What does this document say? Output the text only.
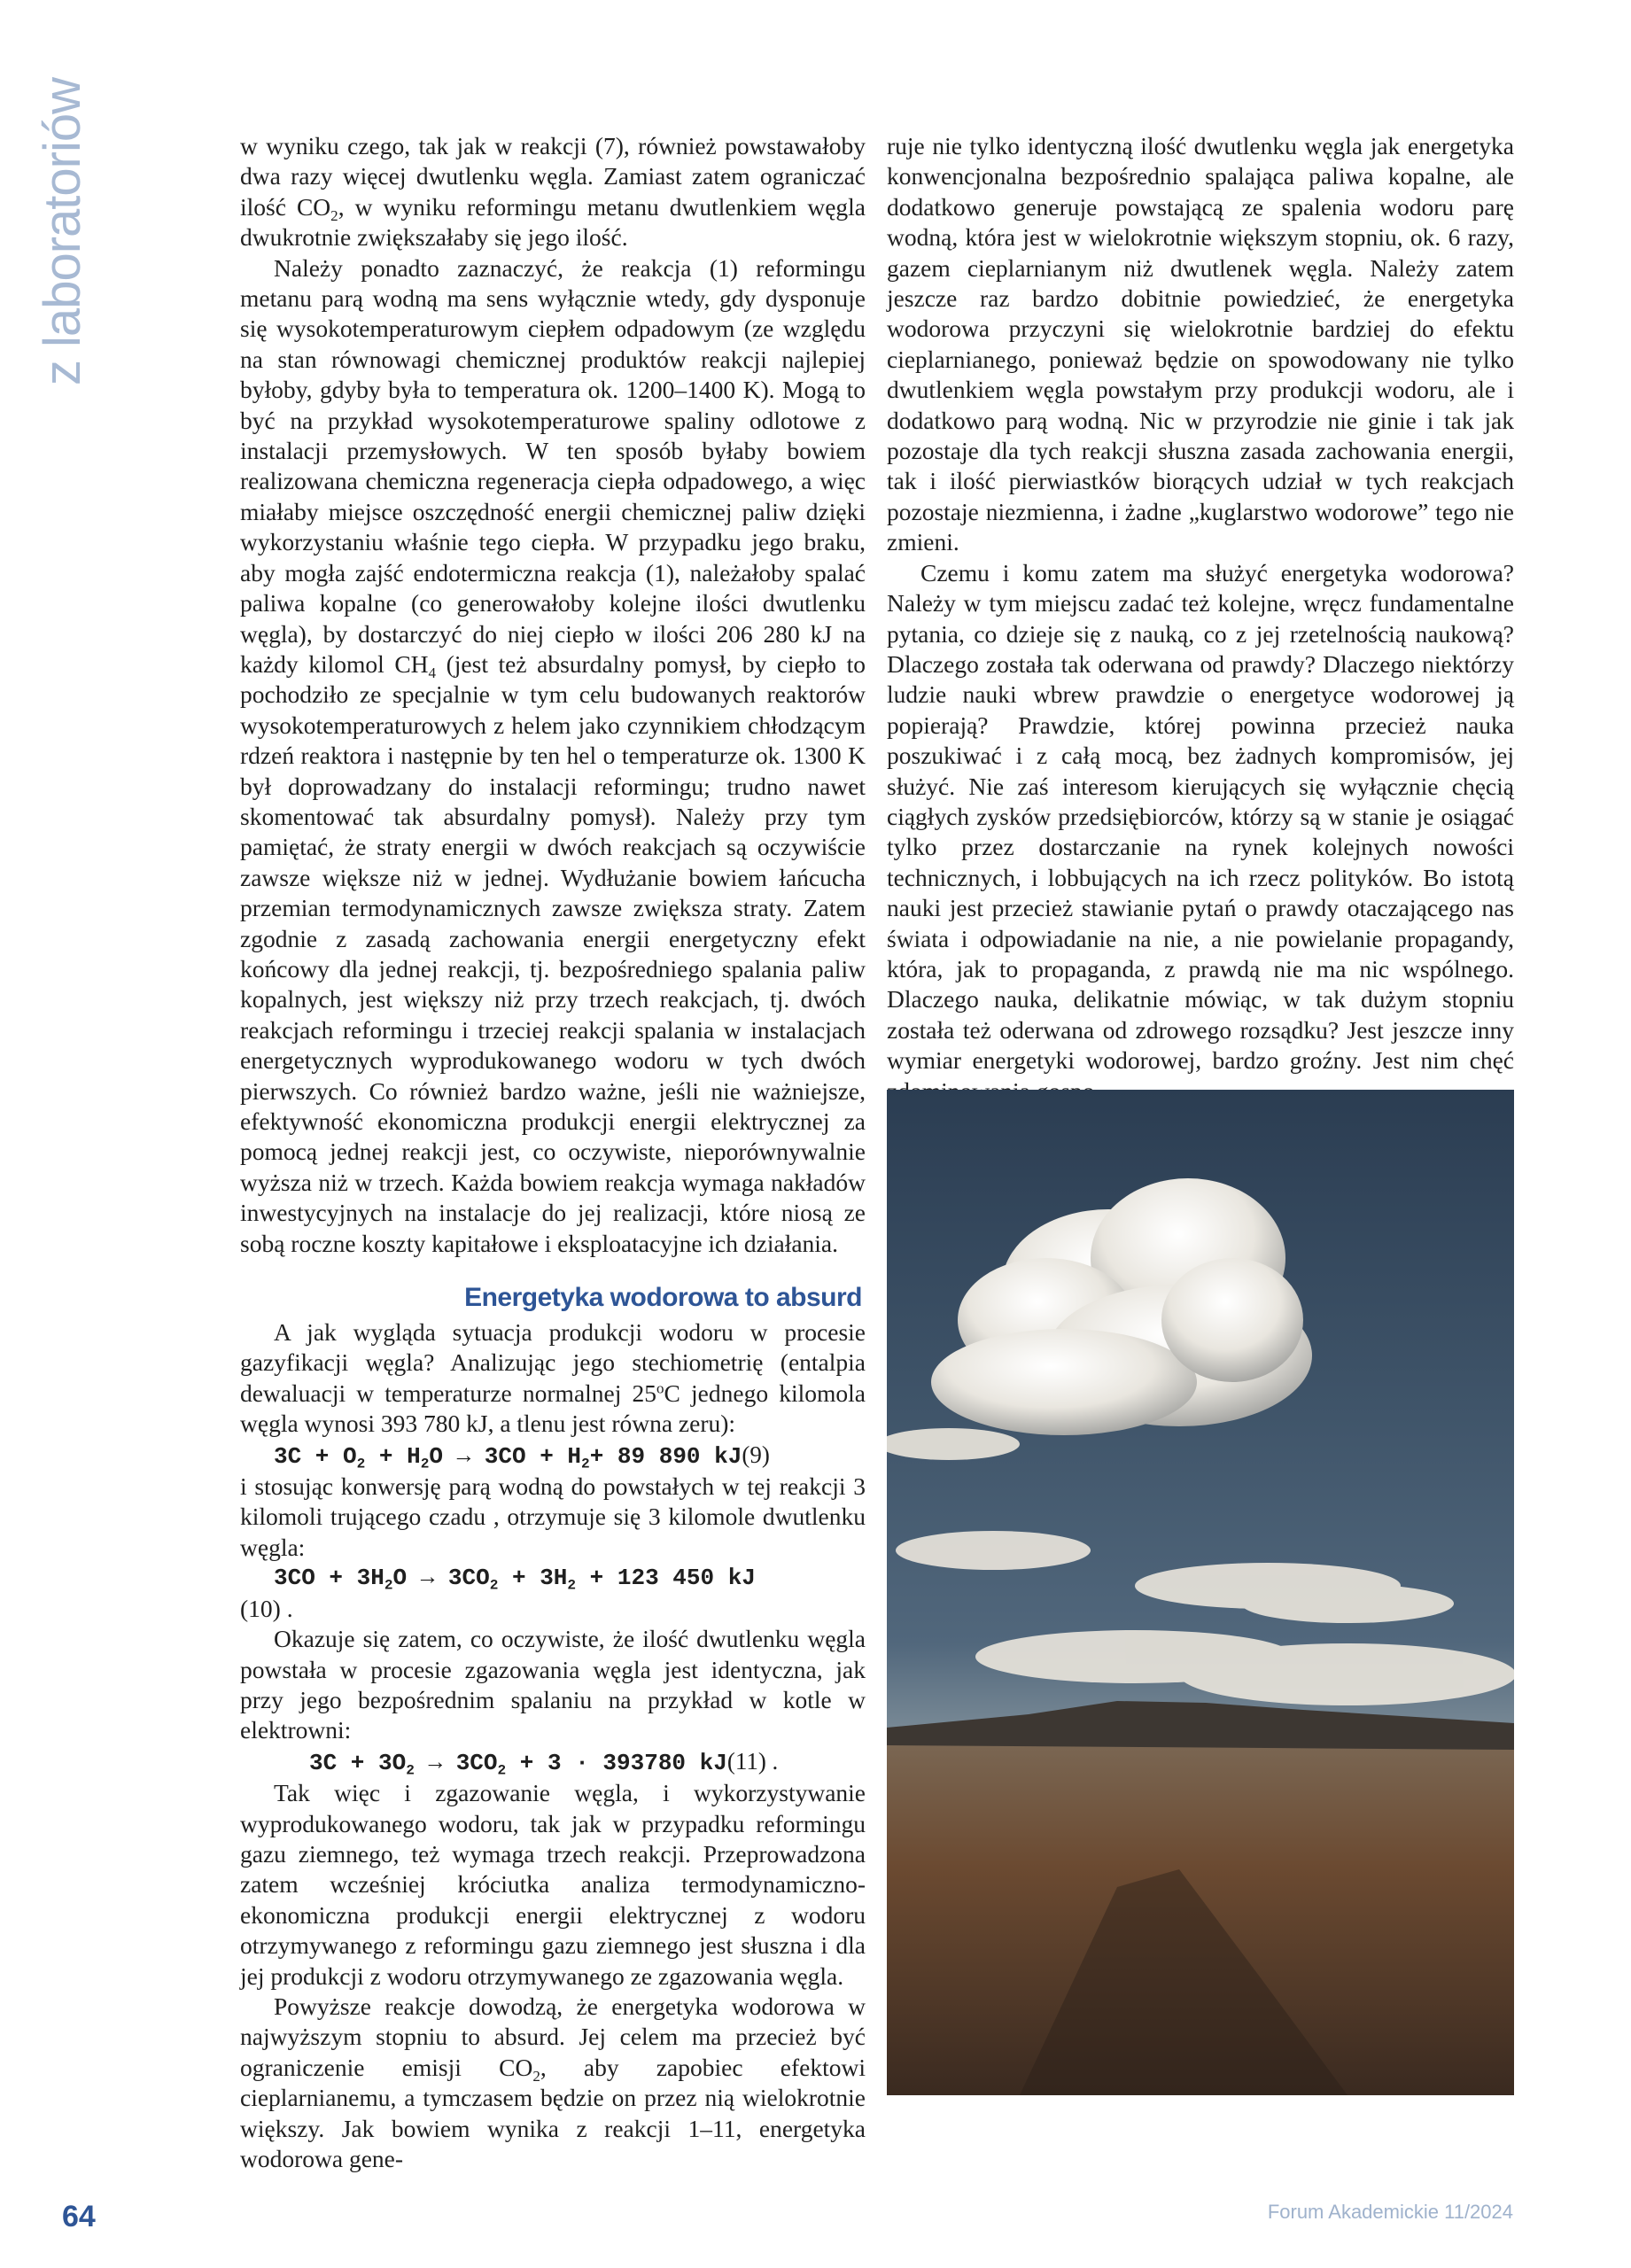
z laboratoriów	w wyniku czego, tak jak w reakcji (7), również powstawałoby dwa razy więcej dwutlenku węgla. Zamiast zatem ograniczać ilość $CO_2$, w wyniku reformingu metanu dwutlenkiem węgla dwukrotnie zwiększałaby się jego ilość.

Należy ponadto zaznaczyć, że reakcja (1) reformingu metanu parą wodną ma sens wyłącznie wtedy, gdy dysponuje się wysokotemperaturowym ciepłem odpadowym (ze względu na stan równowagi chemicznej produktów reakcji najlepiej byłoby, gdyby była to temperatura ok. 1200–1400 K). Mogą to być na przykład wysokotemperaturowe spaliny odlotowe z instalacji przemysłowych. W ten sposób byłaby bowiem realizowana chemiczna regeneracja ciepła odpadowego, a więc miałaby miejsce oszczędność energii chemicznej paliw dzięki wykorzystaniu właśnie tego ciepła. W przypadku jego braku, aby mogła zajść endotermiczna reakcja (1), należałoby spalać paliwa kopalne (co generowałoby kolejne ilości dwutlenku węgla), by dostarczyć do niej ciepło w ilości 206 280 kJ na każdy kilomol $CH_4$ (jest też absurdalny pomysł, by ciepło to pochodziło ze specjalnie w tym celu budowanych reaktorów wysokotemperaturowych z helem jako czynnikiem chłodzącym rdzeń reaktora i następnie by ten hel o temperaturze ok. 1300 K był doprowadzany do instalacji reformingu; trudno nawet skomentować tak absurdalny pomysł). Należy przy tym pamiętać, że straty energii w dwóch reakcjach są oczywiście zawsze większe niż w jednej. Wydłużanie bowiem łańcucha przemian termodynamicznych zawsze zwiększa straty. Zatem zgodnie z zasadą zachowania energii energetyczny efekt końcowy dla jednej reakcji, tj. bezpośredniego spalania paliw kopalnych, jest większy niż przy trzech reakcjach, tj. dwóch reakcjach reformingu i trzeciej reakcji spalania w instalacjach energetycznych wyprodukowanego wodoru w tych dwóch pierwszych. Co również bardzo ważne, jeśli nie ważniejsze, efektywność ekonomiczna produkcji energii elektrycznej za pomocą jednej reakcji jest, co oczywiste, nieporównywalnie wyższa niż w trzech. Każda bowiem reakcja wymaga nakładów inwestycyjnych na instalacje do jej realizacji, które niosą ze sobą roczne koszty kapitałowe i eksploatacyjne ich działania.

Energetyka wodorowa to absurd

A jak wygląda sytuacja produkcji wodoru w procesie gazyfikacji węgla? Analizując jego stechiometrię (entalpia dewaluacji w temperaturze normalnej 25$^o$C jednego kilomola węgla wynosi 393 780 kJ, a tlenu jest równa zeru):

$3C + O_2 + H_2O \to 3CO + H_2+ 89$ 890 kJ(9)

i stosując konwersję parą wodną do powstałych w tej reakcji 3 kilomoli trującego czadu , otrzymuje się 3 kilomole dwutlenku węgla:

$3CO + 3H_2O \to 3CO_2 + 3H_2 + 123$ 450 kJ

(10) .

Okazuje się zatem, co oczywiste, że ilość dwutlenku węgla powstała w procesie zgazowania węgla jest identyczna, jak przy jego bezpośrednim spalaniu na przykład w kotle w elektrowni:

$3C + 3O_2 \to 3CO_2 + 3 \cdot 393780$ kJ(11) .

Tak więc i zgazowanie węgla, i wykorzystywanie wyprodukowanego wodoru, tak jak w przypadku reformingu gazu ziemnego, też wymaga trzech reakcji. Przeprowadzona zatem wcześniej króciutka analiza termodynamiczno-ekonomiczna produkcji energii elektrycznej z wodoru otrzymywanego z reformingu gazu ziemnego jest słuszna i dla jej produkcji z wodoru otrzymywanego ze zgazowania węgla.

Powyższe reakcje dowodzą, że energetyka wodorowa w najwyższym stopniu to absurd. Jej celem ma przecież być ograniczenie emisji $CO_2$, aby zapobiec efektowi cieplarnianemu, a tymczasem będzie on przez nią wielokrotnie większy. Jak bowiem wynika z reakcji 1–11, energetyka wodorowa gene-

ruje nie tylko identyczną ilość dwutlenku węgla jak energetyka konwencjonalna bezpośrednio spalająca paliwa kopalne, ale dodatkowo generuje powstającą ze spalenia wodoru parę wodną, która jest w wielokrotnie większym stopniu, ok. 6 razy, gazem cieplarnianym niż dwutlenek węgla. Należy zatem jeszcze raz bardzo dobitnie powiedzieć, że energetyka wodorowa przyczyni się wielokrotnie bardziej do efektu cieplarnianego, ponieważ będzie on spowodowany nie tylko dwutlenkiem węgla powstałym przy produkcji wodoru, ale i dodatkowo parą wodną. Nic w przyrodzie nie ginie i tak jak pozostaje dla tych reakcji słuszna zasada zachowania energii, tak i ilość pierwiastków biorących udział w tych reakcjach pozostaje niezmienna, i żadne „kuglarstwo wodorowe” tego nie zmieni.

Czemu i komu zatem ma służyć energetyka wodorowa? Należy w tym miejscu zadać też kolejne, wręcz fundamentalne pytania, co dzieje się z nauką, co z jej rzetelnością naukową? Dlaczego została tak oderwana od prawdy? Dlaczego niektórzy ludzie nauki wbrew prawdzie o energetyce wodorowej ją popierają? Prawdzie, której powinna przecież nauka poszukiwać i z całą mocą, bez żadnych kompromisów, jej służyć. Nie zaś interesom kierujących się wyłącznie chęcią ciągłych zysków przedsiębiorców, którzy są w stanie je osiągać tylko przez dostarczanie na rynek kolejnych nowości technicznych, i lobbujących na ich rzecz polityków. Bo istotą nauki jest przecież stawianie pytań o prawdy otaczającego nas świata i odpowiadanie na nie, a nie powielanie propagandy, która, jak to propaganda, z prawdą nie ma nic wspólnego. Dlaczego nauka, delikatnie mówiąc, w tak dużym stopniu została też oderwana od zdrowego rozsądku? Jest jeszcze inny wymiar energetyki wodorowej, bardzo groźny. Jest nim chęć

64	Forum Akademickie 11/2024
